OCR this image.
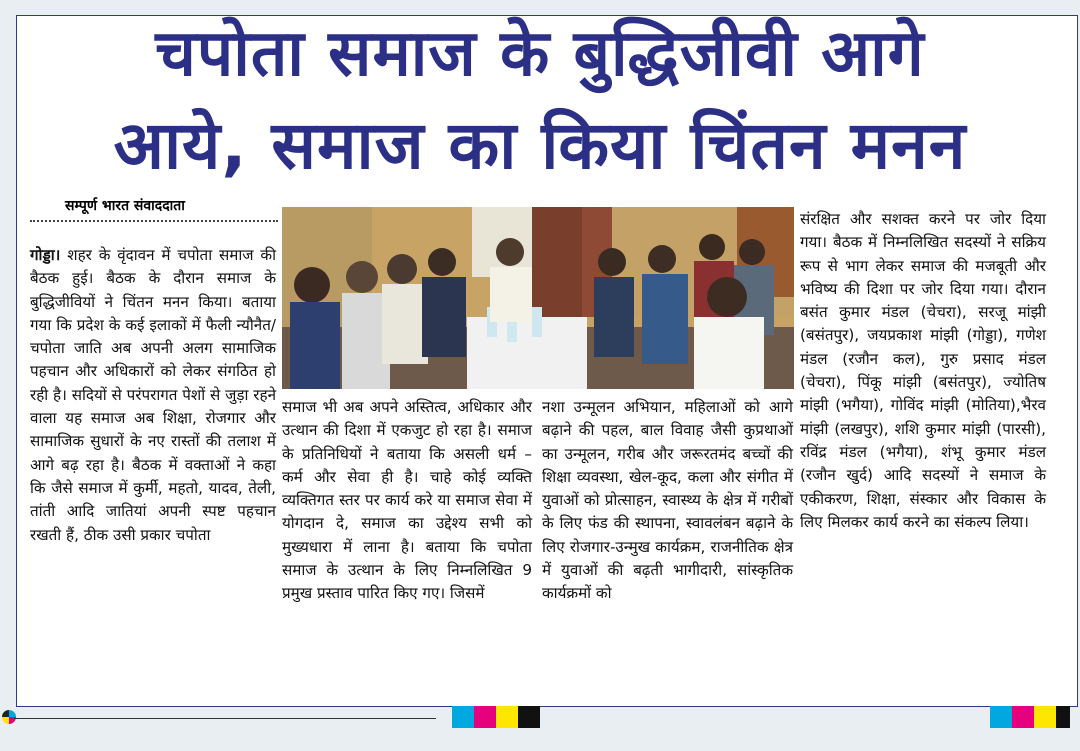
चपोता समाज के बुद्धिजीवी आगे
आये, समाज का किया चिंतन मनन
सम्पूर्ण भारत संवाददाता

गोड्डा। शहर के वृंदावन में चपोता समाज की बैठक हुई। बैठक के दौरान समाज के बुद्धिजीवियों ने चिंतन मनन किया। बताया गया कि प्रदेश के कई इलाकों में फैली न्यौनैत/ चपोता जाति अब अपनी अलग सामाजिक पहचान और अधिकारों को लेकर संगठित हो रही है। सदियों से परंपरागत पेशों से जुड़ा रहने वाला यह समाज अब शिक्षा, रोजगार और सामाजिक सुधारों के नए रास्तों की तलाश में आगे बढ़ रहा है। बैठक में वक्ताओं ने कहा कि जैसे समाज में कुर्मी, महतो, यादव, तेली, तांती आदि जातियां अपनी स्पष्ट पहचान रखती हैं, ठीक उसी प्रकार चपोता

समाज भी अब अपने अस्तित्व, अधिकार और उत्थान की दिशा में एकजुट हो रहा है। समाज के प्रतिनिधियों ने बताया कि असली धर्म – कर्म और सेवा ही है। चाहे कोई व्यक्ति व्यक्तिगत स्तर पर कार्य करे या समाज सेवा में योगदान दे, समाज का उद्देश्य सभी को मुख्यधारा में लाना है। बताया कि चपोता समाज के उत्थान के लिए निम्नलिखित 9 प्रमुख प्रस्ताव पारित किए गए। जिसमें

नशा उन्मूलन अभियान, महिलाओं को आगे बढ़ाने की पहल, बाल विवाह जैसी कुप्रथाओं का उन्मूलन, गरीब और जरूरतमंद बच्चों की शिक्षा व्यवस्था, खेल-कूद, कला और संगीत में युवाओं को प्रोत्साहन, स्वास्थ्य के क्षेत्र में गरीबों के लिए फंड की स्थापना, स्वावलंबन बढ़ाने के लिए रोजगार-उन्मुख कार्यक्रम, राजनीतिक क्षेत्र में युवाओं की बढ़ती भागीदारी, सांस्कृतिक कार्यक्रमों को

संरक्षित और सशक्त करने पर जोर दिया गया। बैठक में निम्नलिखित सदस्यों ने सक्रिय रूप से भाग लेकर समाज की मजबूती और भविष्य की दिशा पर जोर दिया गया। दौरान बसंत कुमार मंडल (चेचरा), सरजू मांझी (बसंतपुर), जयप्रकाश मांझी (गोड्डा), गणेश मंडल (रजौन कल), गुरु प्रसाद मंडल (चेचरा), पिंकू मांझी (बसंतपुर), ज्योतिष मांझी (भगैया), गोविंद मांझी (मोतिया),भैरव मांझी (लखपुर), शशि कुमार मांझी (पारसी), रविंद्र मंडल (भगैया), शंभू कुमार मंडल (रजौन खुर्द) आदि सदस्यों ने समाज के एकीकरण, शिक्षा, संस्कार और विकास के लिए मिलकर कार्य करने का संकल्प लिया।
